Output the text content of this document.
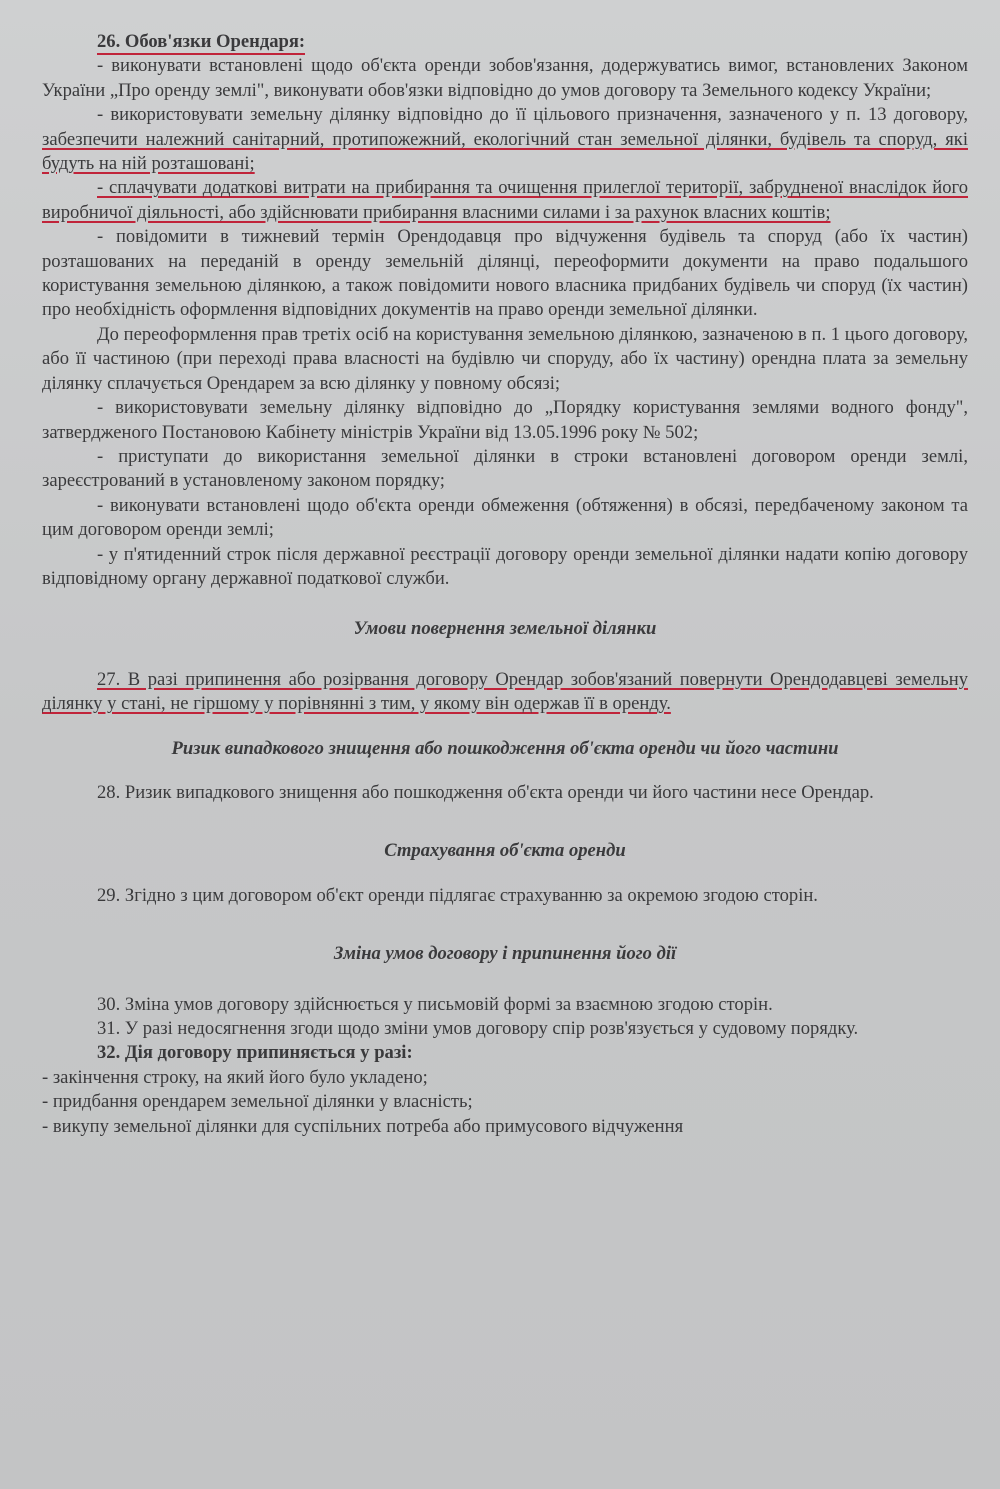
26. Обов'язки Орендаря:

- виконувати встановлені щодо об'єкта оренди зобов'язання, додержуватись вимог, встановлених Законом України „Про оренду землі", виконувати обов'язки відповідно до умов договору та Земельного кодексу України;

- використовувати земельну ділянку відповідно до її цільового призначення, зазначеного у п. 13 договору, забезпечити належний санітарний, протипожежний, екологічний стан земельної ділянки, будівель та споруд, які будуть на ній розташовані;

- сплачувати додаткові витрати на прибирання та очищення прилеглої території, забрудненої внаслідок його виробничої діяльності, або здійснювати прибирання власними силами і за рахунок власних коштів;

- повідомити в тижневий термін Орендодавця про відчуження будівель та споруд (або їх частин) розташованих на переданій в оренду земельній ділянці, переоформити документи на право подальшого користування земельною ділянкою, а також повідомити нового власника придбаних будівель чи споруд (їх частин) про необхідність оформлення відповідних документів на право оренди земельної ділянки.

До переоформлення прав третіх осіб на користування земельною ділянкою, зазначеною в п. 1 цього договору, або її частиною (при переході права власності на будівлю чи споруду, або їх частину) орендна плата за земельну ділянку сплачується Орендарем за всю ділянку у повному обсязі;

- використовувати земельну ділянку відповідно до „Порядку користування землями водного фонду", затвердженого Постановою Кабінету міністрів України від 13.05.1996 року № 502;

- приступати до використання земельної ділянки в строки встановлені договором оренди землі, зареєстрований в установленому законом порядку;

- виконувати встановлені щодо об'єкта оренди обмеження (обтяження) в обсязі, передбаченому законом та цим договором оренди землі;

- у п'ятиденний строк після державної реєстрації договору оренди земельної ділянки надати копію договору відповідному органу державної податкової служби.

Умови повернення земельної ділянки

27. В разі припинення або розірвання договору Орендар зобов'язаний повернути Орендодавцеві земельну ділянку у стані, не гіршому у порівнянні з тим, у якому він одержав її в оренду.

Ризик випадкового знищення або пошкодження об'єкта оренди чи його частини

28. Ризик випадкового знищення або пошкодження об'єкта оренди чи його частини несе Орендар.

Страхування об'єкта оренди

29. Згідно з цим договором об'єкт оренди підлягає страхуванню за окремою згодою сторін.

Зміна умов договору і припинення його дії

30. Зміна умов договору здійснюється у письмовій формі за взаємною згодою сторін.

31. У разі недосягнення згоди щодо зміни умов договору спір розв'язується у судовому порядку.

32. Дія договору припиняється у разі:

- закінчення строку, на який його було укладено;

- придбання орендарем земельної ділянки у власність;

- викупу земельної ділянки для суспільних потреба або примусового відчуження
